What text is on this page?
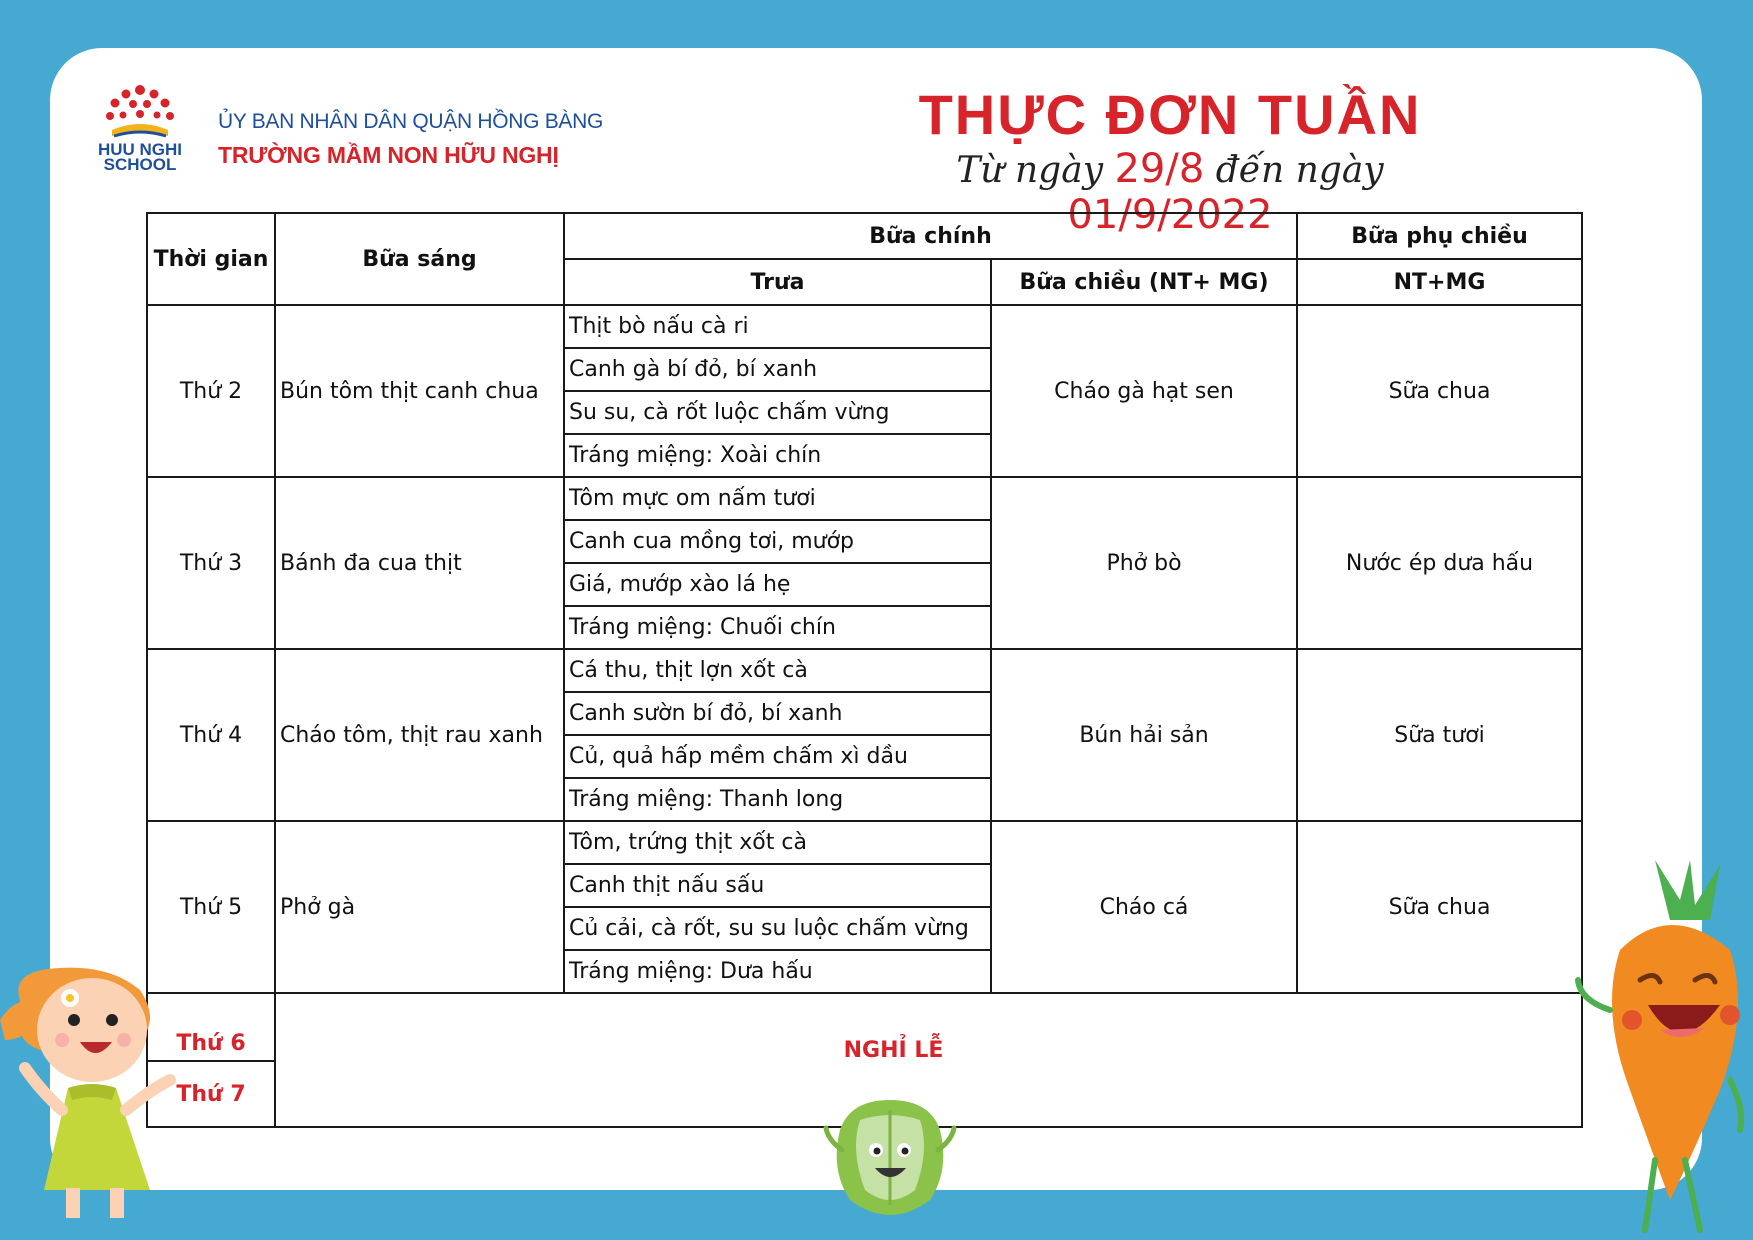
HUU NGHI
SCHOOL
ỦY BAN NHÂN DÂN QUẬN HỒNG BÀNG
TRƯỜNG MẦM NON HỮU NGHỊ
THỰC ĐƠN TUẦN
Từ ngày 29/8 đến ngày 01/9/2022
Thời gian	Bữa sáng	Bữa chính		Bữa phụ chiều
		Trưa	Bữa chiều (NT+ MG)	NT+MG
Thứ 2	Bún tôm thịt canh chua	Thịt bò nấu cà ri	Cháo gà hạt sen	Sữa chua
		Canh gà bí đỏ, bí xanh		
		Su su, cà rốt luộc chấm vừng		
		Tráng miệng: Xoài chín		
Thứ 3	Bánh đa cua thịt	Tôm mực om nấm tươi	Phở bò	Nước ép dưa hấu
		Canh cua mồng tơi, mướp		
		Giá, mướp xào lá hẹ		
		Tráng miệng: Chuối chín		
Thứ 4	Cháo tôm, thịt rau xanh	Cá thu, thịt lợn xốt cà	Bún hải sản	Sữa tươi
		Canh sườn bí đỏ, bí xanh		
		Củ, quả hấp mềm chấm xì dầu		
		Tráng miệng: Thanh long		
Thứ 5	Phở gà	Tôm, trứng thịt xốt cà	Cháo cá	Sữa chua
		Canh thịt nấu sấu		
		Củ cải, cà rốt, su su luộc chấm vừng		
		Tráng miệng: Dưa hấu		
Thứ 6	NGHỈ LỄ			

Thứ 7				
